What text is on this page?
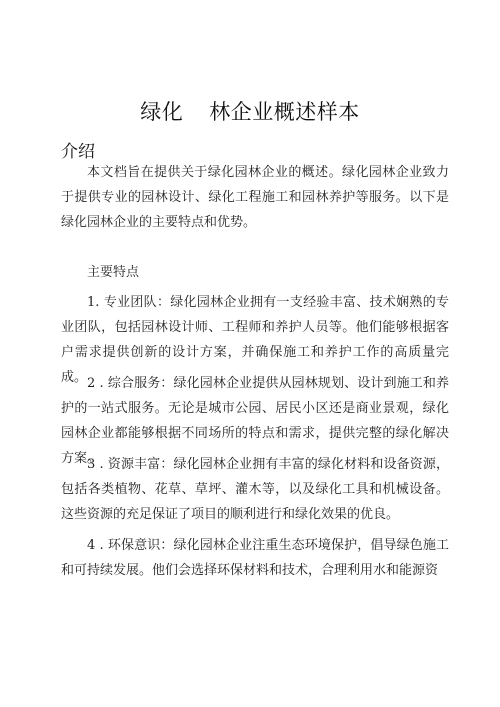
绿化 林企业概述样本
介绍
本文档旨在提供关于绿化园林企业的概述。绿化园林企业致力于提供专业的园林设计、绿化工程施工和园林养护等服务。以下是绿化园林企业的主要特点和优势。
主要特点
1. 专业团队：绿化园林企业拥有一支经验丰富、技术娴熟的专业团队，包括园林设计师、工程师和养护人员等。他们能够根据客户需求提供创新的设计方案，并确保施工和养护工作的高质量完成。 2 . 综合服务：绿化园林企业提供从园林规划、设计到施工和养护的一站式服务。无论是城市公园、居民小区还是商业景观，绿化园林企业都能够根据不同场所的特点和需求，提供完整的绿化解决方案。
3 . 资源丰富：绿化园林企业拥有丰富的绿化材料和设备资源，包括各类植物、花草、草坪、灌木等，以及绿化工具和机械设备。这些资源的充足保证了项目的顺利进行和绿化效果的优良。
4 . 环保意识：绿化园林企业注重生态环境保护，倡导绿色施工和可持续发展。他们会选择环保材料和技术，合理利用水和能源资
